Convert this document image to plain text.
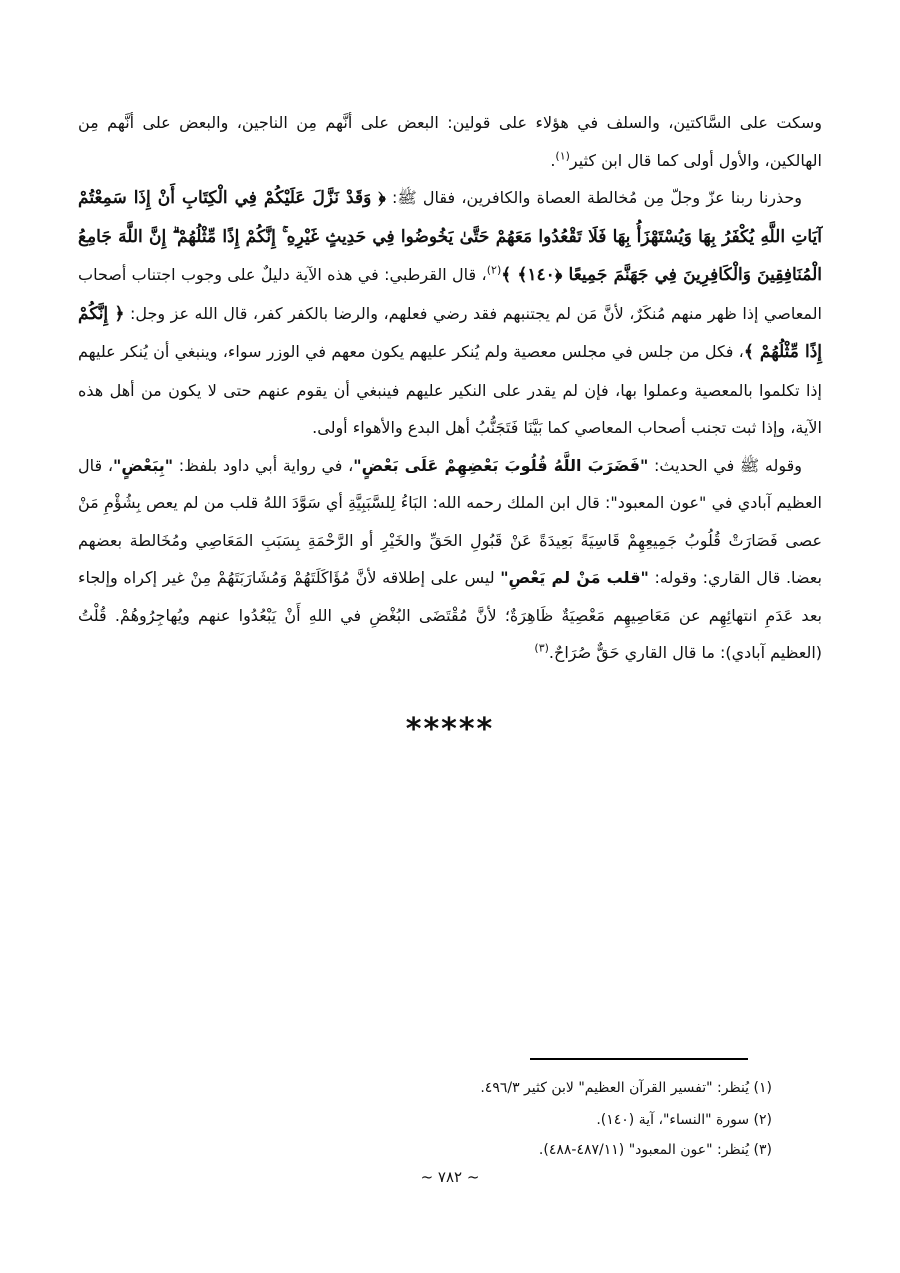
وسكت على السَّاكتين، والسلف في هؤلاء على قولين: البعض على أنَّهم مِن الناجين، والبعض على أنَّهم مِن الهالكين، والأول أولى كما قال ابن كثير$^{(١)}$.

وحذرنا ربنا عزّ وجلّ مِن مُخالطة العصاة والكافرين، فقال ﷺ: ﴿ وَقَدْ نَزَّلَ عَلَيْكُمْ فِي الْكِتَابِ أَنْ إِذَا سَمِعْتُمْ آيَاتِ اللَّهِ يُكْفَرُ بِهَا وَيُسْتَهْزَأُ بِهَا فَلَا تَقْعُدُوا مَعَهُمْ حَتَّىٰ يَخُوضُوا فِي حَدِيثٍ غَيْرِهِ ۚ إِنَّكُمْ إِذًا مِّثْلُهُمْ ۗ إِنَّ اللَّهَ جَامِعُ الْمُنَافِقِينَ وَالْكَافِرِينَ فِي جَهَنَّمَ جَمِيعًا ﴿١٤٠﴾ ﴾$^{(٢)}$، قال القرطبي: في هذه الآية دليلٌ على وجوب اجتناب أصحاب المعاصي إذا ظهر منهم مُنكَرٌ، لأنَّ مَن لم يجتنبهم فقد رضي فعلهم، والرضا بالكفر كفر، قال الله عز وجل: ﴿ إِنَّكُمْ إِذًا مِّثْلُهُمْ ﴾، فكل من جلس في مجلس معصية ولم يُنكر عليهم يكون معهم في الوزر سواء، وينبغي أن يُنكر عليهم إذا تكلموا بالمعصية وعملوا بها، فإن لم يقدر على النكير عليهم فينبغي أن يقوم عنهم حتى لا يكون من أهل هذه الآية، وإذا ثبت تجنب أصحاب المعاصي كما بَيَّنَا فَتَجَنُّبُ أهل البدع والأهواء أولى.

وقوله ﷺ في الحديث: "فَضَرَبَ اللَّهُ قُلُوبَ بَعْضِهِمْ عَلَى بَعْضٍ"، في رواية أبي داود بلفظ: "بِبَعْضٍ"، قال العظيم آبادي في "عون المعبود": قال ابن الملك رحمه الله: البَاءُ لِلسَّبَبِيَّةِ أي سَوَّدَ اللهُ قلب من لم يعص بِشُؤْمِ مَنْ عصى فَصَارَتْ قُلُوبُ جَمِيعِهِمْ قَاسِيَةً بَعِيدَةً عَنْ قَبُولِ الحَقِّ والخَيْرِ أو الرَّحْمَةِ بِسَبَبِ المَعَاصِي ومُخَالطة بعضهم بعضا. قال القاري: وقوله: "قلب مَنْ لم يَعْصِ" ليس على إطلاقه لأنَّ مُؤَاكَلَتَهُمْ وَمُشَارَبَتَهُمْ مِنْ غير إكراه وإلجاء بعد عَدَمِ انتهائِهِم عن مَعَاصِيهِم مَعْصِيَةٌ ظَاهِرَةٌ؛ لأنَّ مُقْتَضَى البُغْضِ في اللهِ أَنْ يَبْعُدُوا عنهم ويُهاجِرُوهُمْ. قُلْتُ (العظيم آبادي): ما قال القاري حَقٌّ صُرَاحٌ.$^{(٣)}$

*****
(١) يُنظر: "تفسير القرآن العظيم" لابن كثير ٤٩٦/٣.
(٢) سورة "النساء"، آية (١٤٠).
(٣) يُنظر: "عون المعبود" (٤٨٧/١١-٤٨٨).
~ ٧٨٢ ~
